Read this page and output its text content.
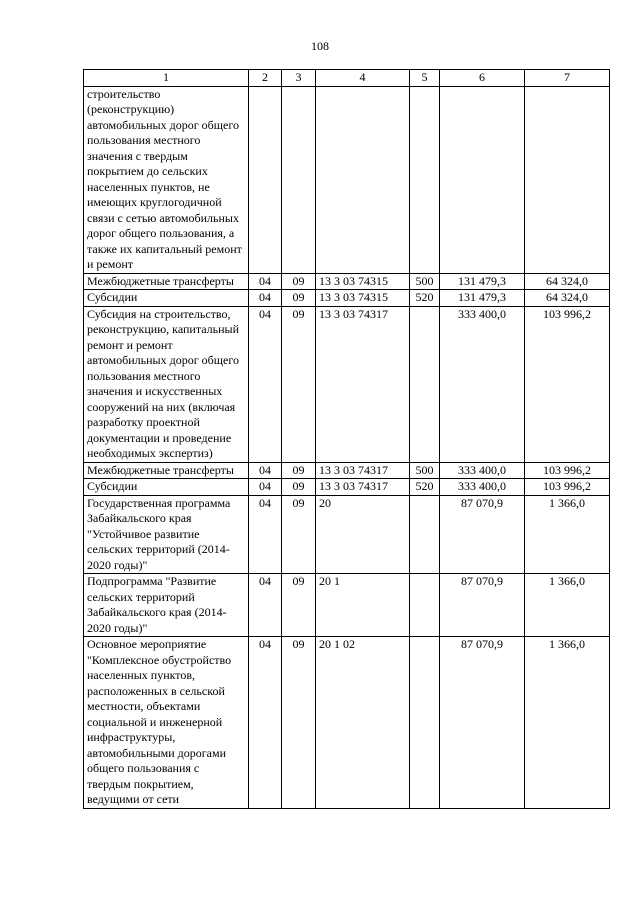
108
1	2	3	4	5	6	7
строительство (реконструкцию) автомобильных дорог общего пользования местного значения с твердым покрытием до сельских населенных пунктов, не имеющих круглогодичной связи с сетью автомобильных дорог общего пользования, а также их капитальный ремонт и ремонт						
Межбюджетные трансферты	04	09	13 3 03 74315	500	131 479,3	64 324,0
Субсидии	04	09	13 3 03 74315	520	131 479,3	64 324,0
Субсидия на строительство, реконструкцию, капитальный ремонт и ремонт автомобильных дорог общего пользования местного значения и искусственных сооружений на них (включая разработку проектной документации и проведение необходимых экспертиз)	04	09	13 3 03 74317		333 400,0	103 996,2
Межбюджетные трансферты	04	09	13 3 03 74317	500	333 400,0	103 996,2
Субсидии	04	09	13 3 03 74317	520	333 400,0	103 996,2
Государственная программа Забайкальского края "Устойчивое развитие сельских территорий (2014-2020 годы)"	04	09	20		87 070,9	1 366,0
Подпрограмма "Развитие сельских территорий Забайкальского края (2014-2020 годы)"	04	09	20 1		87 070,9	1 366,0
Основное мероприятие "Комплексное обустройство населенных пунктов, расположенных в сельской местности, объектами социальной и инженерной инфраструктуры, автомобильными дорогами общего пользования с твердым покрытием, ведущими от сети	04	09	20 1 02		87 070,9	1 366,0
